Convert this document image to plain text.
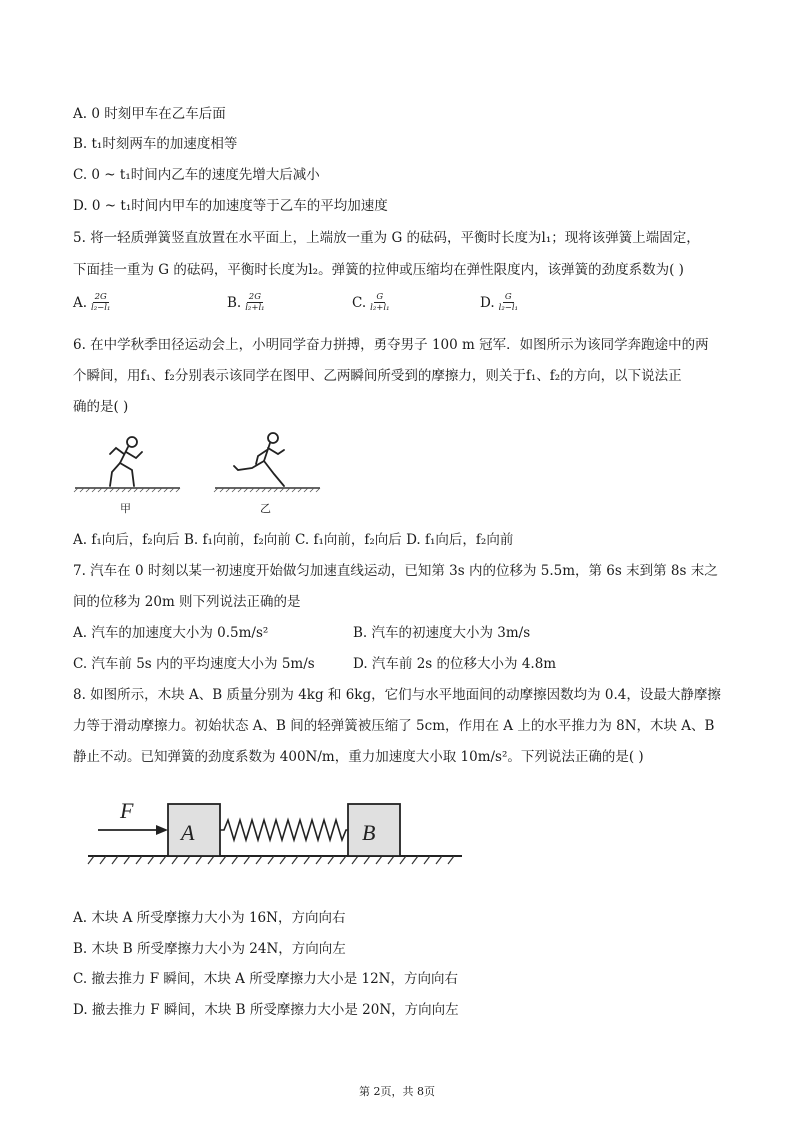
A. 0 时刻甲车在乙车后面
B. t₁时刻两车的加速度相等
C. 0 ~ t₁时间内乙车的速度先增大后减小
D. 0 ~ t₁时间内甲车的加速度等于乙车的平均加速度
5. 将一轻质弹簧竖直放置在水平面上，上端放一重为 G 的砝码，平衡时长度为l₁；现将该弹簧上端固定，
下面挂一重为 G 的砝码，平衡时长度为l₂。弹簧的拉伸或压缩均在弹性限度内，该弹簧的劲度系数为( )
A. $\frac{2G}{\text{l₂−l₁}}$	B. $\frac{2G}{\text{l₂+l₁}}$	C. $\frac{G}{\text{l₂+l₁}}$	D. $\frac{G}{\text{l₂−l₁}}$
6. 在中学秋季田径运动会上，小明同学奋力拼搏，勇夺男子 100 m 冠军．如图所示为该同学奔跑途中的两
个瞬间，用f₁、f₂分别表示该同学在图甲、乙两瞬间所受到的摩擦力，则关于f₁、f₂的方向，以下说法正
确的是( )
甲	乙
A. f₁向后，f₂向后 B. f₁向前，f₂向前 C. f₁向前，f₂向后 D. f₁向后，f₂向前
7. 汽车在 0 时刻以某一初速度开始做匀加速直线运动，已知第 3s 内的位移为 5.5m，第 6s 末到第 8s 末之
间的位移为 20m 则下列说法正确的是
A. 汽车的加速度大小为 0.5m/s²	B. 汽车的初速度大小为 3m/s
C. 汽车前 5s 内的平均速度大小为 5m/s	D. 汽车前 2s 的位移大小为 4.8m
8. 如图所示，木块 A、B 质量分别为 4kg 和 6kg，它们与水平地面间的动摩擦因数均为 0.4，设最大静摩擦
力等于滑动摩擦力。初始状态 A、B 间的轻弹簧被压缩了 5cm，作用在 A 上的水平推力为 8N，木块 A、B
静止不动。已知弹簧的劲度系数为 400N/m，重力加速度大小取 10m/s²。下列说法正确的是( )
F
A	B
A. 木块 A 所受摩擦力大小为 16N，方向向右
B. 木块 B 所受摩擦力大小为 24N，方向向左
C. 撤去推力 F 瞬间，木块 A 所受摩擦力大小是 12N，方向向右
D. 撤去推力 F 瞬间，木块 B 所受摩擦力大小是 20N，方向向左
第 2页，共 8页
